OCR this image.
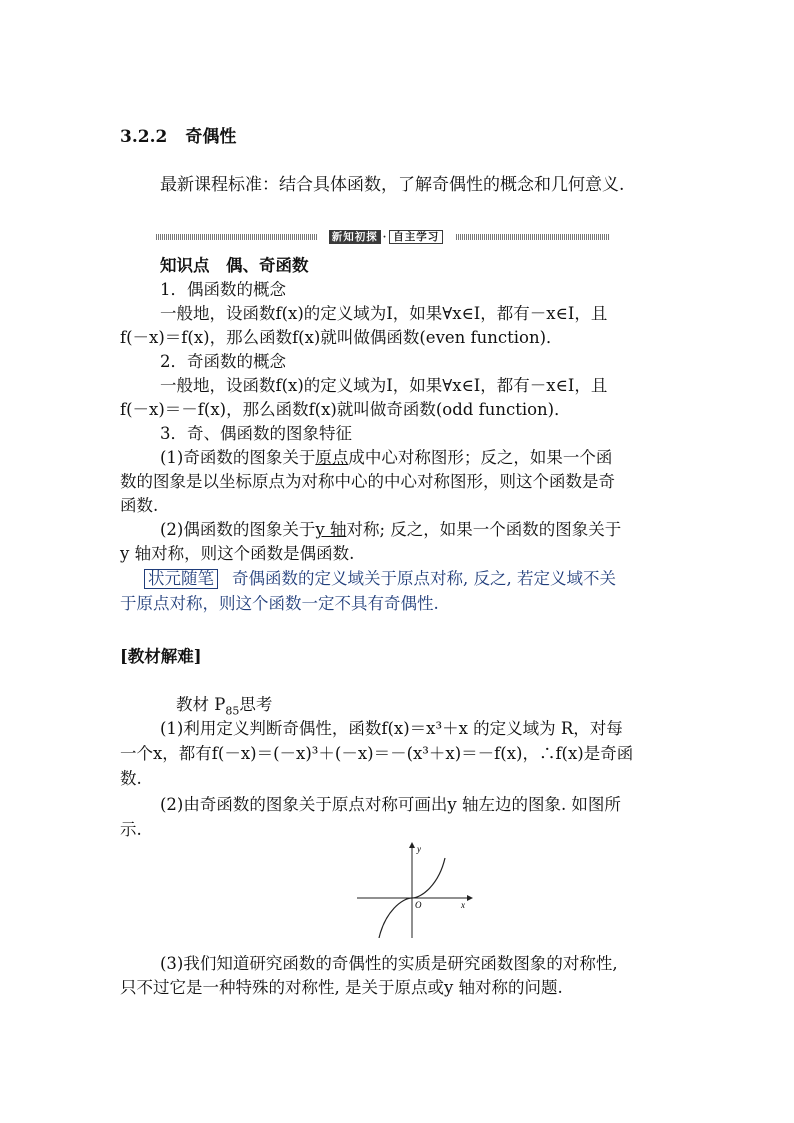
3.2.2 奇偶性
最新课程标准：结合具体函数，了解奇偶性的概念和几何意义.
新知初探 · 自主学习
知识点　偶、奇函数
1．偶函数的概念
一般地，设函数f(x)的定义域为I，如果∀x∈I，都有－x∈I，且
f(－x)＝f(x)，那么函数f(x)就叫做偶函数(even function)．
2．奇函数的概念
一般地，设函数f(x)的定义域为I，如果∀x∈I，都有－x∈I，且
f(－x)＝－f(x)，那么函数f(x)就叫做奇函数(odd function)．
3．奇、偶函数的图象特征
(1)奇函数的图象关于原点成中心对称图形；反之，如果一个函
数的图象是以坐标原点为对称中心的中心对称图形，则这个函数是奇
函数.
(2)偶函数的图象关于y 轴对称; 反之，如果一个函数的图象关于
y 轴对称，则这个函数是偶函数.
状元随笔 奇偶函数的定义域关于原点对称, 反之, 若定义域不关
于原点对称，则这个函数一定不具有奇偶性.
[教材解难]
教材 $P_{85}$思考
(1)利用定义判断奇偶性，函数f(x)＝x³＋x 的定义域为 R，对每
一个x，都有f(－x)＝(－x)³＋(－x)＝－(x³＋x)＝－f(x)，∴f(x)是奇函
数.
(2)由奇函数的图象关于原点对称可画出y 轴左边的图象. 如图所
示.
y
x
O
(3)我们知道研究函数的奇偶性的实质是研究函数图象的对称性,
只不过它是一种特殊的对称性, 是关于原点或y 轴对称的问题.
